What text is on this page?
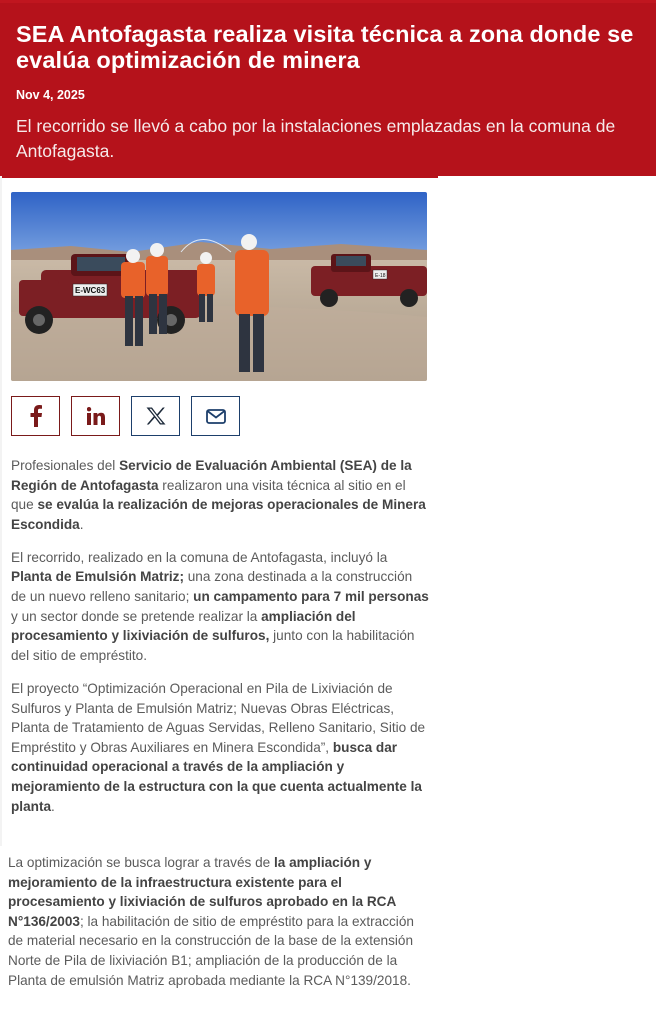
SEA Antofagasta realiza visita técnica a zona donde se evalúa optimización de minera
Nov 4, 2025
El recorrido se llevó a cabo por la instalaciones emplazadas en la comuna de Antofagasta.
E-WC63
E-18

Profesionales del Servicio de Evaluación Ambiental (SEA) de la Región de Antofagasta realizaron una visita técnica al sitio en el que se evalúa la realización de mejoras operacionales de Minera Escondida.

El recorrido, realizado en la comuna de Antofagasta, incluyó la Planta de Emulsión Matriz; una zona destinada a la construcción de un nuevo relleno sanitario; un campamento para 7 mil personas y un sector donde se pretende realizar la ampliación del procesamiento y lixiviación de sulfuros, junto con la habilitación del sitio de empréstito.

El proyecto “Optimización Operacional en Pila de Lixiviación de Sulfuros y Planta de Emulsión Matriz; Nuevas Obras Eléctricas, Planta de Tratamiento de Aguas Servidas, Relleno Sanitario, Sitio de Empréstito y Obras Auxiliares en Minera Escondida”, busca dar continuidad operacional a través de la ampliación y mejoramiento de la estructura con la que cuenta actualmente la planta.

La optimización se busca lograr a través de la ampliación y mejoramiento de la infraestructura existente para el procesamiento y lixiviación de sulfuros aprobado en la RCA N°136/2003; la habilitación de sitio de empréstito para la extracción de material necesario en la construcción de la base de la extensión Norte de Pila de lixiviación B1; ampliación de la producción de la Planta de emulsión Matriz aprobada mediante la RCA N°139/2018.
